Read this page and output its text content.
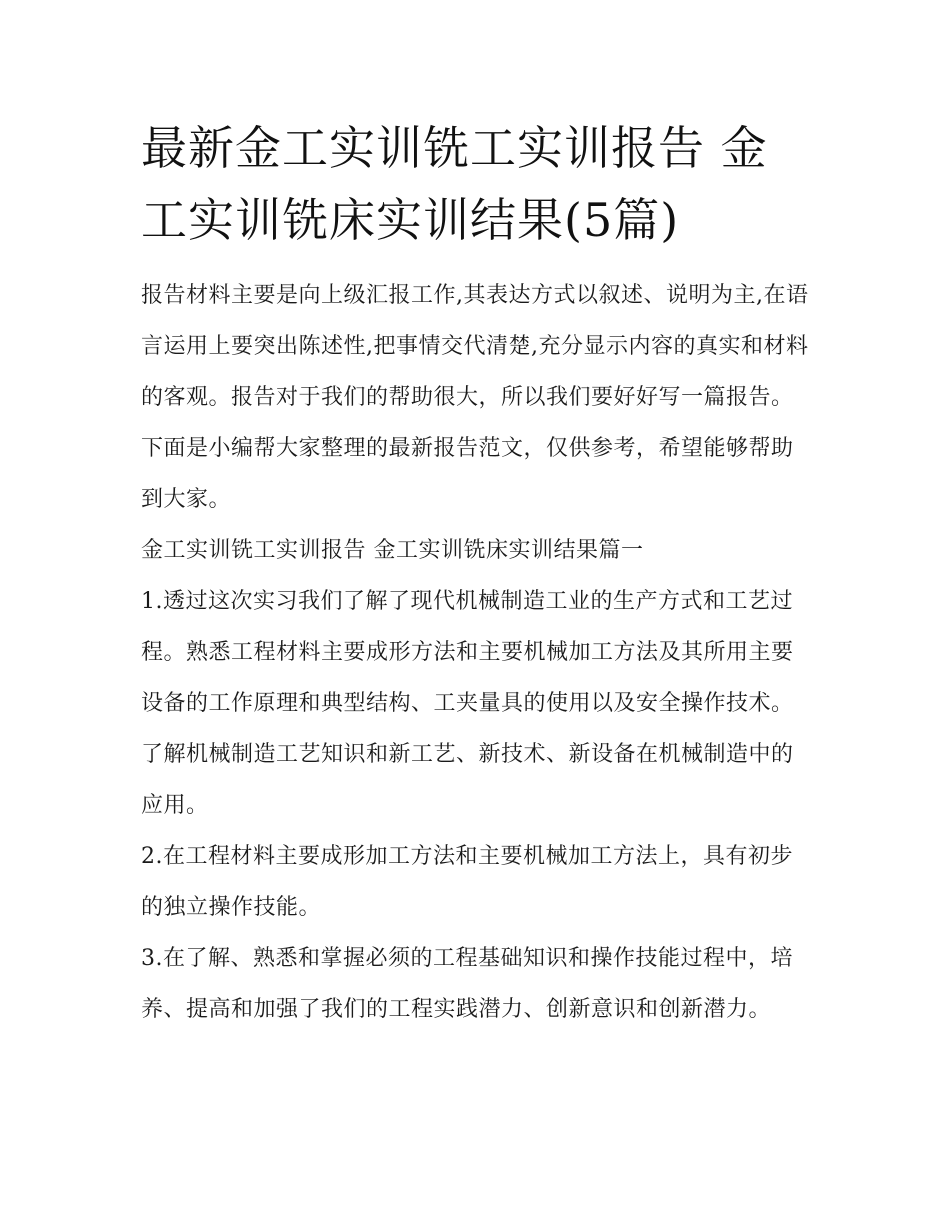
最新金工实训铣工实训报告 金工实训铣床实训结果(5篇)

报告材料主要是向上级汇报工作,其表达方式以叙述、说明为主,在语言运用上要突出陈述性,把事情交代清楚,充分显示内容的真实和材料的客观。报告对于我们的帮助很大，所以我们要好好写一篇报告。下面是小编帮大家整理的最新报告范文，仅供参考，希望能够帮助到大家。

金工实训铣工实训报告 金工实训铣床实训结果篇一

1.透过这次实习我们了解了现代机械制造工业的生产方式和工艺过程。熟悉工程材料主要成形方法和主要机械加工方法及其所用主要设备的工作原理和典型结构、工夹量具的使用以及安全操作技术。了解机械制造工艺知识和新工艺、新技术、新设备在机械制造中的应用。

2.在工程材料主要成形加工方法和主要机械加工方法上，具有初步的独立操作技能。

3.在了解、熟悉和掌握必须的工程基础知识和操作技能过程中，培养、提高和加强了我们的工程实践潜力、创新意识和创新潜力。
